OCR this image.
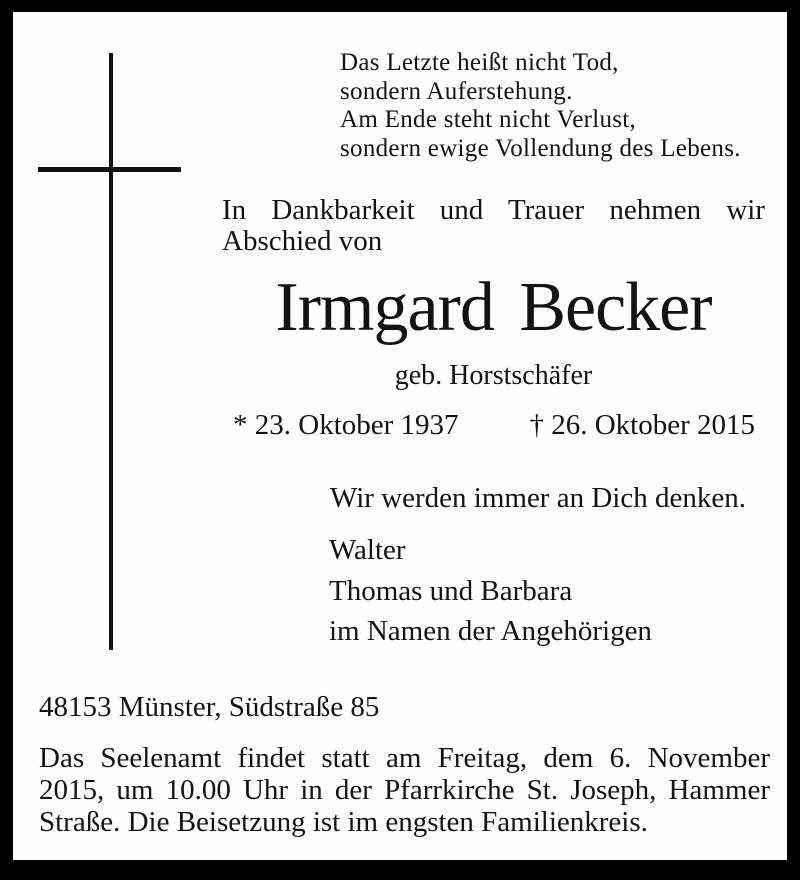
Das Letzte heißt nicht Tod,
sondern Auferstehung.
Am Ende steht nicht Verlust,
sondern ewige Vollendung des Lebens.
In Dankbarkeit und Trauer nehmen wir
Abschied von
Irmgard Becker
geb. Horstschäfer
* 23. Oktober 1937 † 26. Oktober 2015
Wir werden immer an Dich denken.
Walter
Thomas und Barbara
im Namen der Angehörigen
48153 Münster, Südstraße 85
Das Seelenamt findet statt am Freitag, dem 6. November
2015, um 10.00 Uhr in der Pfarrkirche St. Joseph, Hammer
Straße. Die Beisetzung ist im engsten Familienkreis.
